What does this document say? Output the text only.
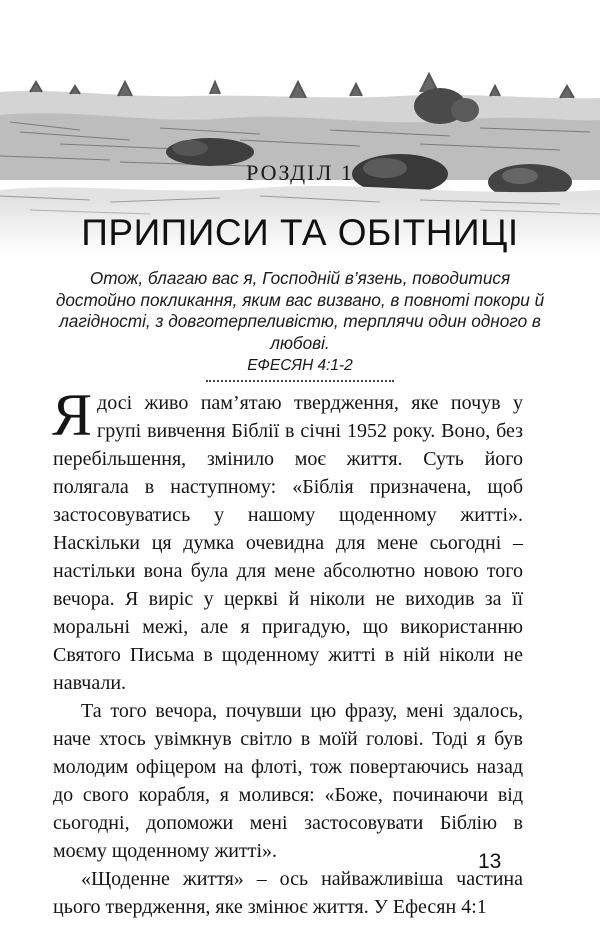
РОЗДІЛ 1
ПРИПИСИ ТА ОБІТНИЦІ
Отож, благаю вас я, Господній в’язень, поводитися достойно покликання, яким вас визвано, в повноті покори й лагідності, з довготерпеливістю, терплячи один одного в любові.
ЕФЕСЯН 4:1-2

Ядосі живо пам’ятаю твердження, яке почув у групі вивчення Біблії в січні 1952 року. Воно, без перебільшення, змінило моє життя. Суть його полягала в наступному: «Біблія призначена, щоб застосовуватись у нашому щоденному житті». Наскільки ця думка очевидна для мене сьогодні – настільки вона була для мене абсолютно новою того вечора. Я виріс у церкві й ніколи не виходив за її моральні межі, але я пригадую, що використанню Святого Письма в щоденному житті в ній ніколи не навчали.

Та того вечора, почувши цю фразу, мені здалось, наче хтось увімкнув світло в моїй голові. Тоді я був молодим офіцером на флоті, тож повертаючись назад до свого корабля, я молився: «Боже, починаючи від сьогодні, допоможи мені застосовувати Біблію в моєму щоденному житті».

«Щоденне життя» – ось найважливіша частина цього твердження, яке змінює життя. У Ефесян 4:1

13
